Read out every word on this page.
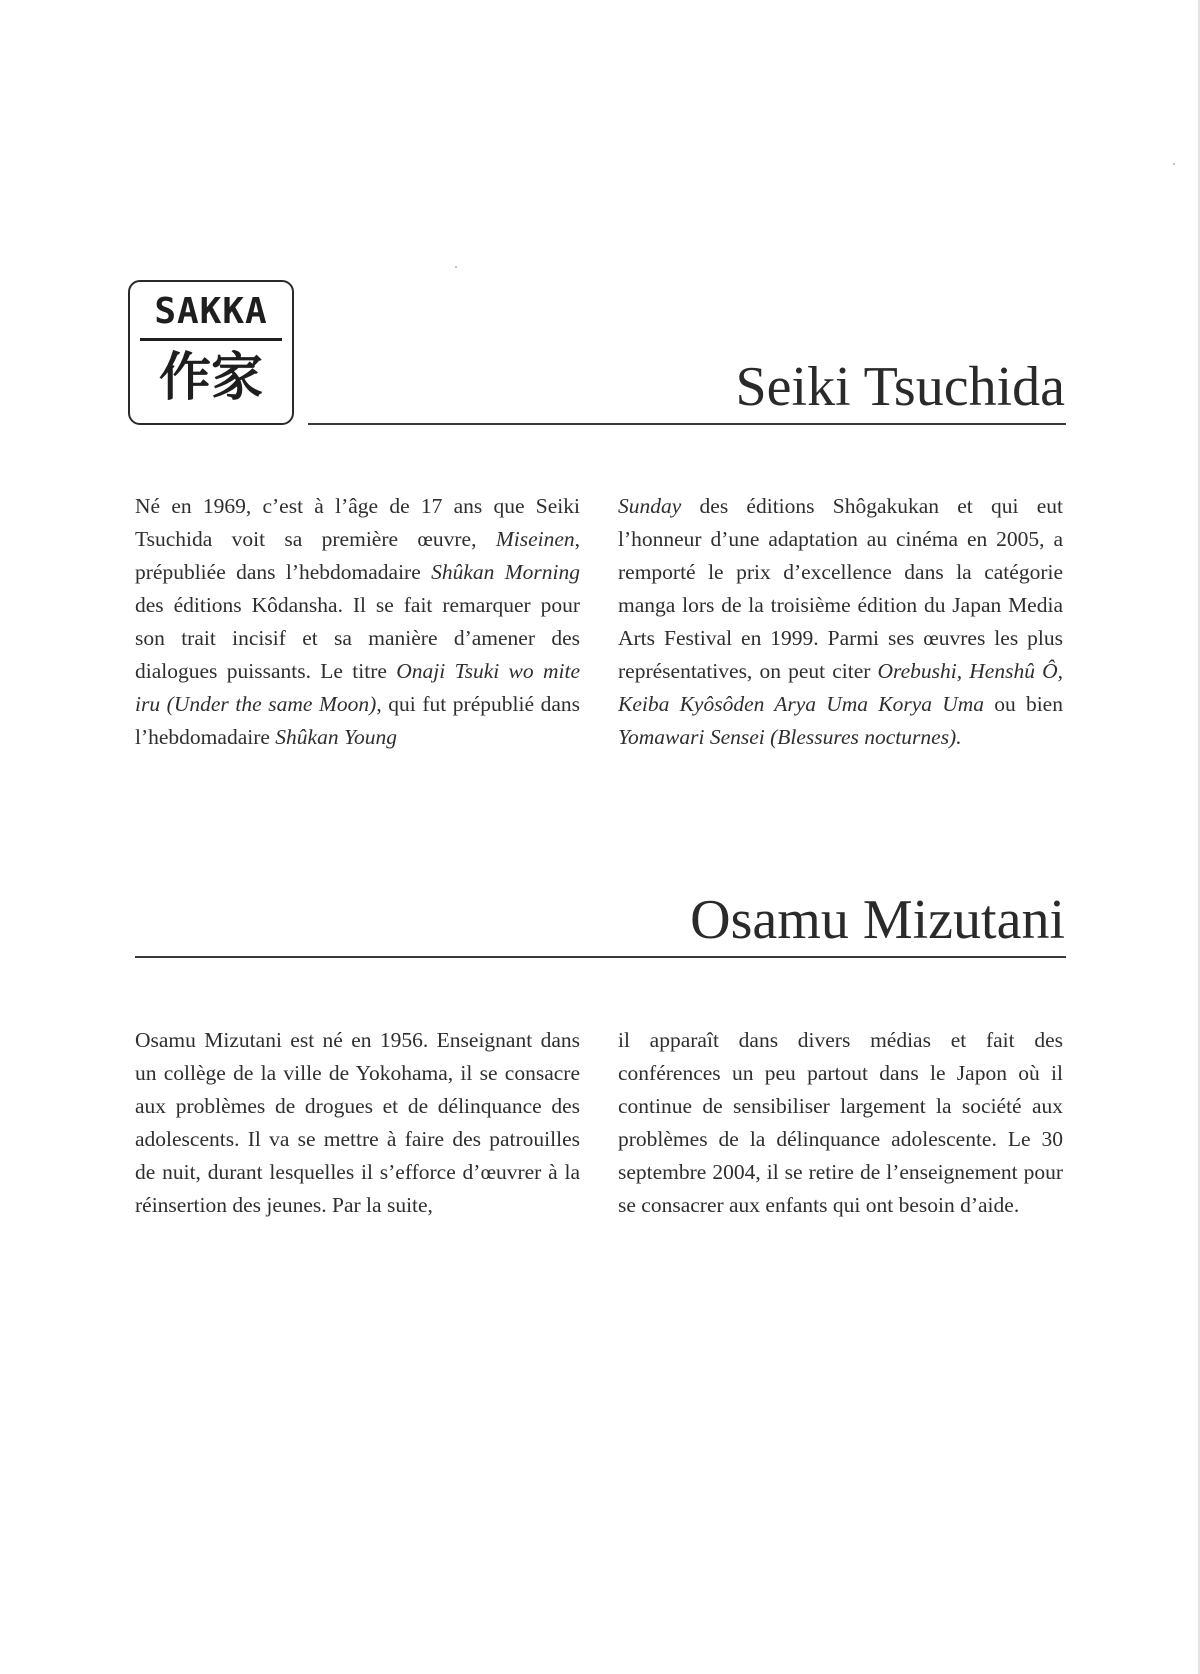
SAKKA
作家	Seiki Tsuchida

Né en 1969, c’est à l’âge de 17 ans que Seiki Tsuchida voit sa première œuvre, Miseinen, prépubliée dans l’hebdomadaire Shûkan Morning des éditions Kôdansha. Il se fait remarquer pour son trait incisif et sa manière d’amener des dialogues puissants. Le titre Onaji Tsuki wo mite iru (Under the same Moon), qui fut prépublié dans l’hebdomadaire Shûkan Young

Sunday des éditions Shôgakukan et qui eut l’honneur d’une adaptation au cinéma en 2005, a remporté le prix d’excellence dans la catégorie manga lors de la troisième édition du Japan Media Arts Festival en 1999. Parmi ses œuvres les plus représentatives, on peut citer Orebushi, Henshû Ô, Keiba Kyôsôden Arya Uma Korya Uma ou bien Yomawari Sensei (Blessures nocturnes).

Osamu Mizutani

Osamu Mizutani est né en 1956. Enseignant dans un collège de la ville de Yokohama, il se consacre aux problèmes de drogues et de délinquance des adolescents. Il va se mettre à faire des patrouilles de nuit, durant lesquelles il s’efforce d’œuvrer à la réinsertion des jeunes. Par la suite,

il apparaît dans divers médias et fait des conférences un peu partout dans le Japon où il continue de sensibiliser largement la société aux problèmes de la délinquance adolescente. Le 30 septembre 2004, il se retire de l’enseignement pour se consacrer aux enfants qui ont besoin d’aide.
